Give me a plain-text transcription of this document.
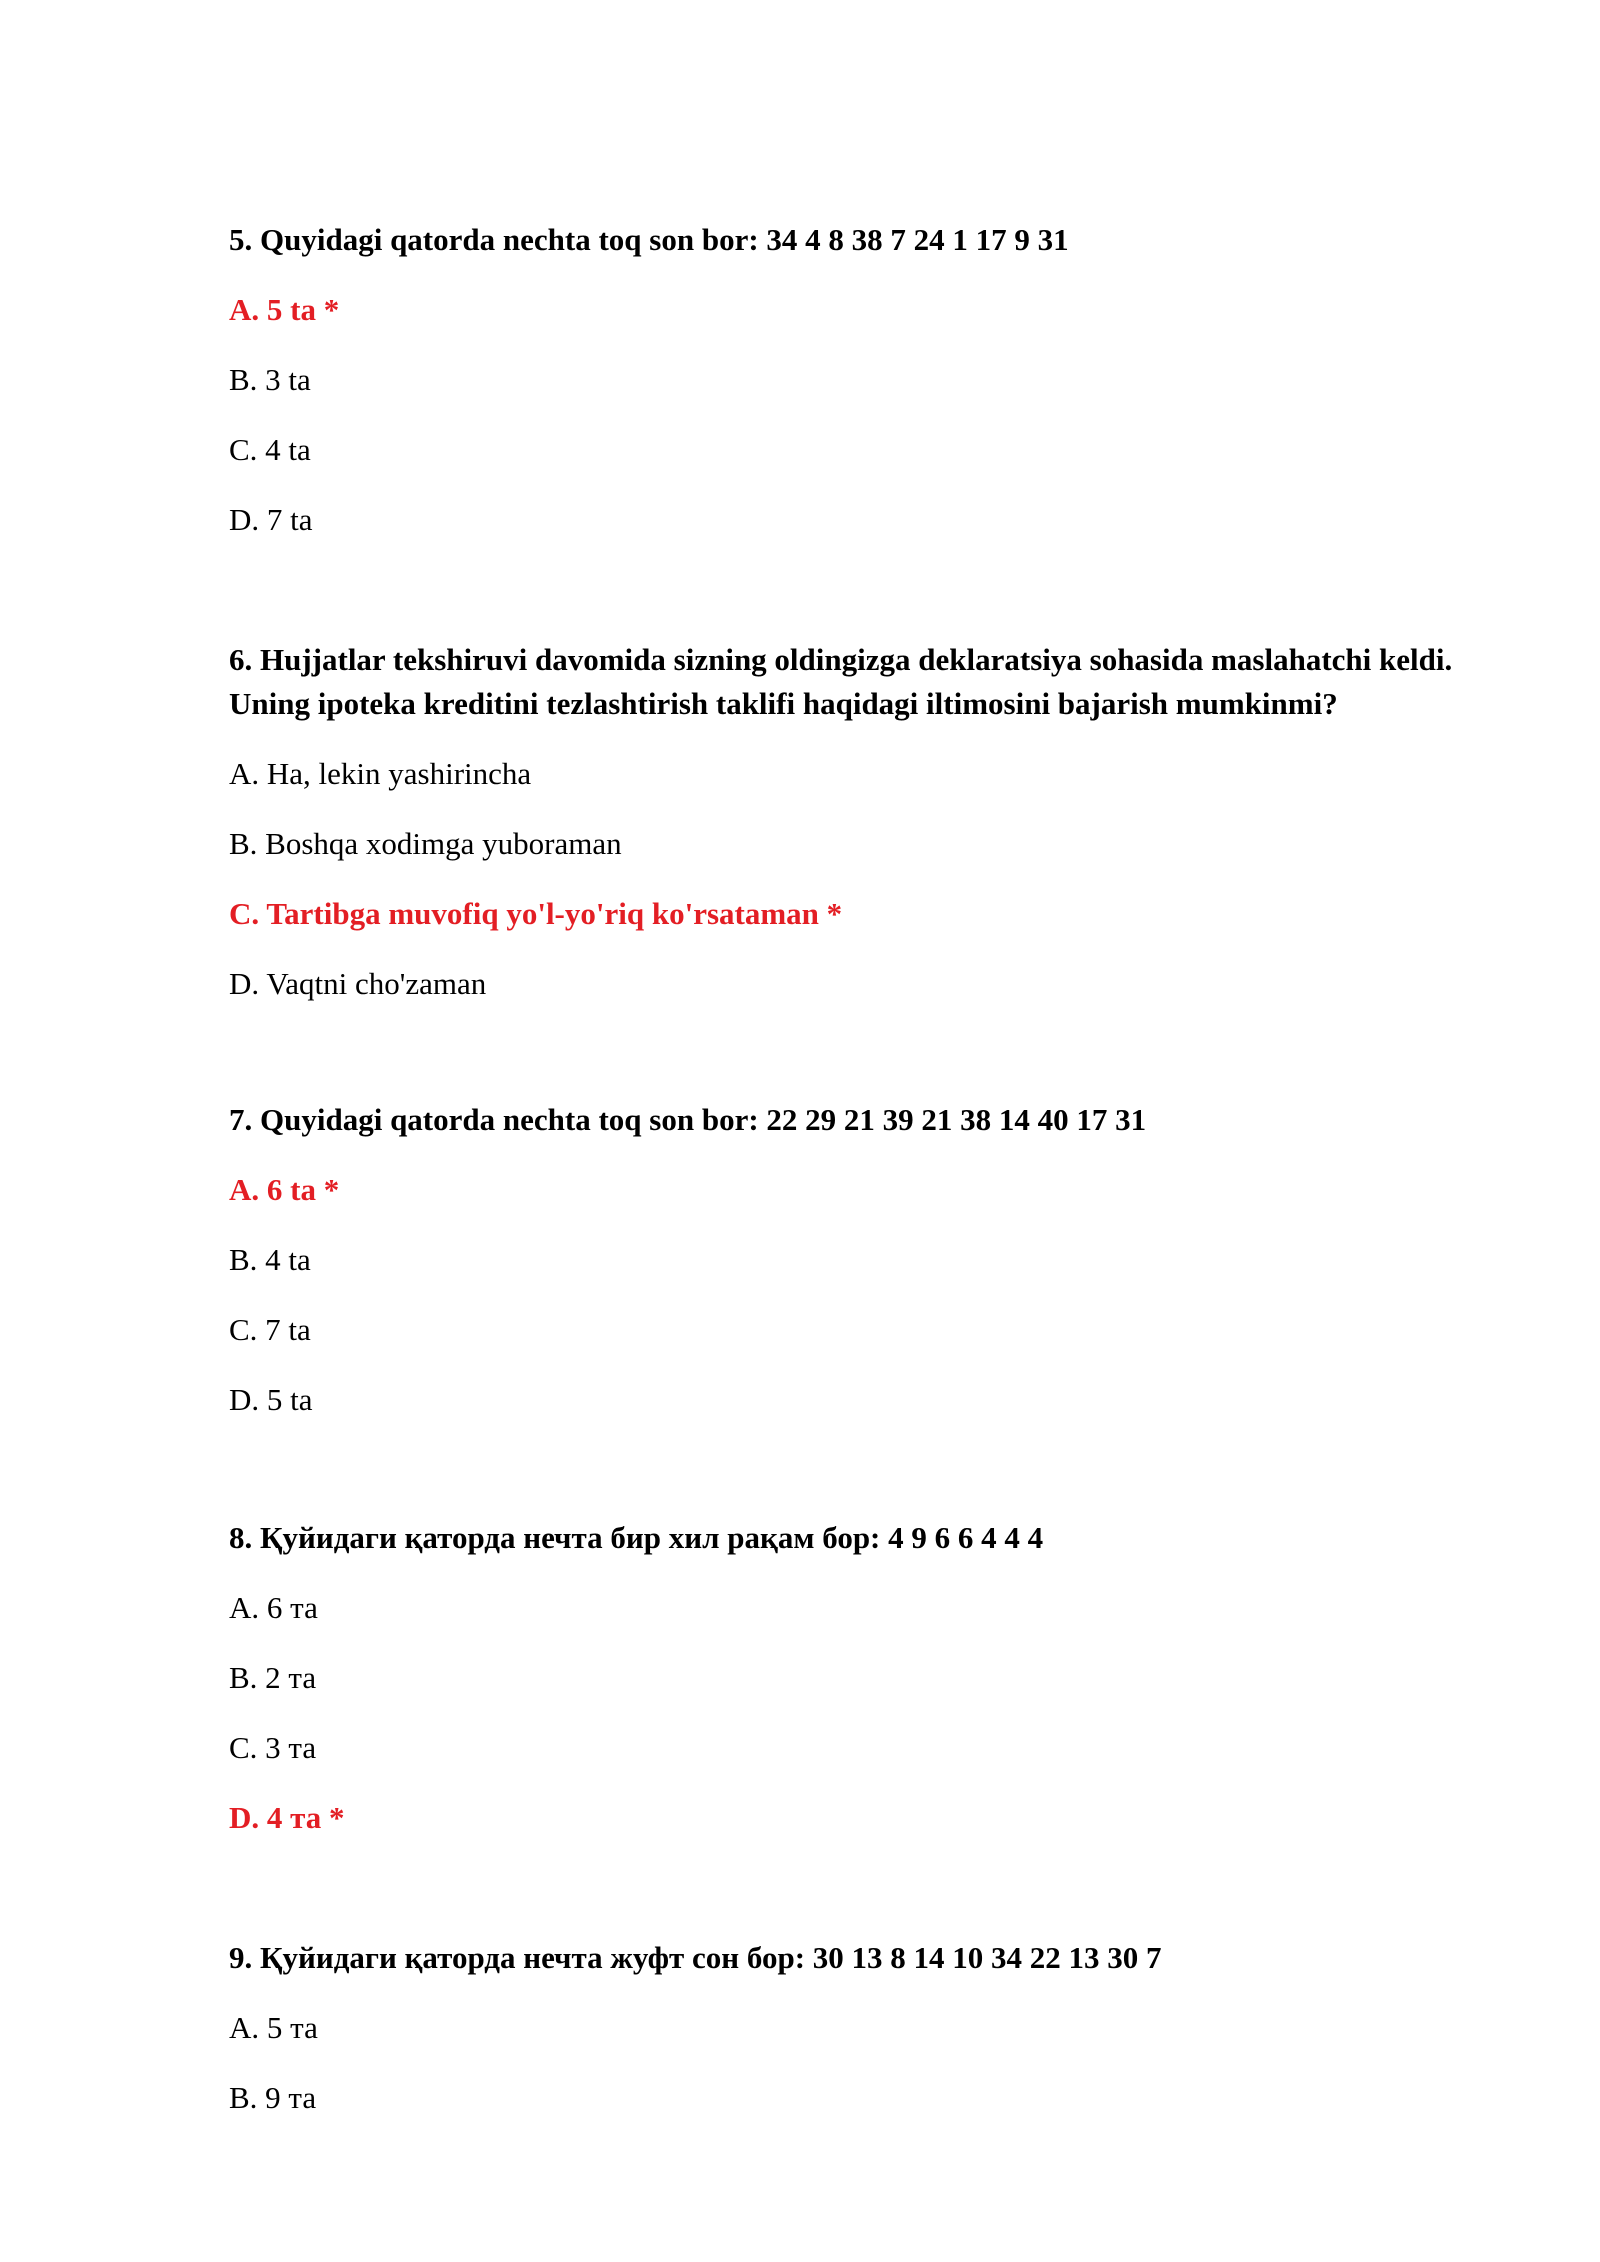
5. Quyidagi qatorda nechta toq son bor: 34 4 8 38 7 24 1 17 9 31

A. 5 ta *

B. 3 ta

C. 4 ta

D. 7 ta

6. Hujjatlar tekshiruvi davomida sizning oldingizga deklaratsiya sohasida maslahatchi keldi. Uning ipoteka kreditini tezlashtirish taklifi haqidagi iltimosini bajarish mumkinmi?

A. Ha, lekin yashirincha

B. Boshqa xodimga yuboraman

C. Tartibga muvofiq yo'l-yo'riq ko'rsataman *

D. Vaqtni cho'zaman

7. Quyidagi qatorda nechta toq son bor: 22 29 21 39 21 38 14 40 17 31

A. 6 ta *

B. 4 ta

C. 7 ta

D. 5 ta

8. Қуйидаги қаторда нечта бир хил рақам бор: 4 9 6 6 4 4 4

A. 6 та

B. 2 та

C. 3 та

D. 4 та *

9. Қуйидаги қаторда нечта жуфт сон бор: 30 13 8 14 10 34 22 13 30 7

A. 5 та

B. 9 та
